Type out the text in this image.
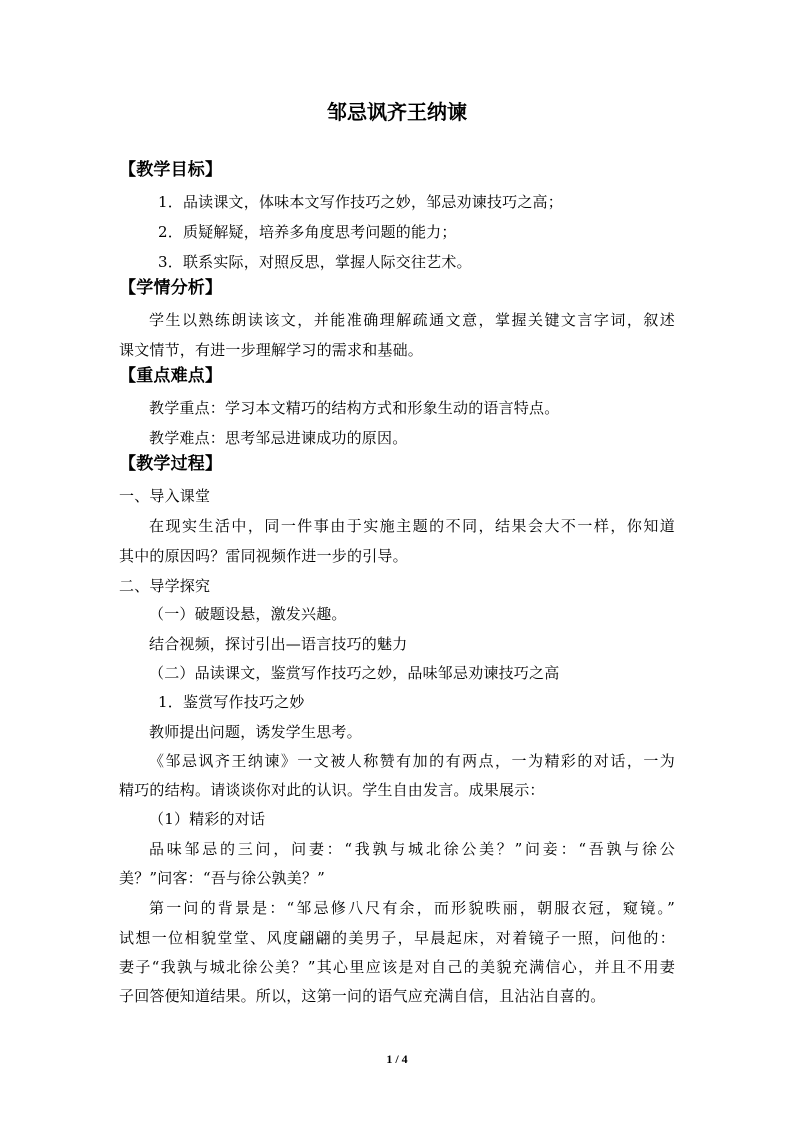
邹忌讽齐王纳谏
【教学目标】
1．品读课文，体味本文写作技巧之妙，邹忌劝谏技巧之高；
2．质疑解疑，培养多角度思考问题的能力；
3．联系实际，对照反思，掌握人际交往艺术。
【学情分析】
学生以熟练朗读该文，并能准确理解疏通文意，掌握关键文言字词，叙述
课文情节，有进一步理解学习的需求和基础。
【重点难点】
教学重点：学习本文精巧的结构方式和形象生动的语言特点。
教学难点：思考邹忌进谏成功的原因。
【教学过程】
一、导入课堂
在现实生活中，同一件事由于实施主题的不同，结果会大不一样，你知道
其中的原因吗？雷同视频作进一步的引导。
二、导学探究
（一）破题设悬，激发兴趣。
结合视频，探讨引出—语言技巧的魅力
（二）品读课文，鉴赏写作技巧之妙，品味邹忌劝谏技巧之高
1．鉴赏写作技巧之妙
教师提出问题，诱发学生思考。
《邹忌讽齐王纳谏》一文被人称赞有加的有两点，一为精彩的对话，一为
精巧的结构。请谈谈你对此的认识。学生自由发言。成果展示：
（1）精彩的对话
品味邹忌的三问，问妻：“我孰与城北徐公美？”问妾：“吾孰与徐公
美？”问客：“吾与徐公孰美？”
第一问的背景是：“邹忌修八尺有余，而形貌昳丽，朝服衣冠，窥镜。”
试想一位相貌堂堂、风度翩翩的美男子，早晨起床，对着镜子一照，问他的：
妻子“我孰与城北徐公美？”其心里应该是对自己的美貌充满信心，并且不用妻
子回答便知道结果。所以，这第一问的语气应充满自信，且沾沾自喜的。
1 / 4
